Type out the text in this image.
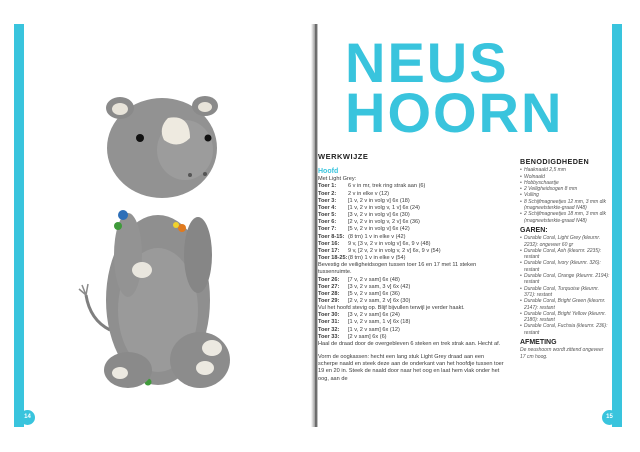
NEUS
HOORN
WERKWIJZE
Hoofd
Met Light Grey:
Toer 1:	6 v in mr, trek ring strak aan (6)
Toer 2:	2 v in elke v (12)
Toer 3:	[1 v, 2 v in volg v] 6x (18)
Toer 4:	[1 v, 2 v in volg v, 1 v] 6x (24)
Toer 5:	[3 v, 2 v in volg v] 6x (30)
Toer 6:	[2 v, 2 v in volg v, 2 v] 6x (36)
Toer 7:	[5 v, 2 v in volg v] 6x (42)
Toer 8-15: (8 trn) 1 v in elke v (42)
Toer 16:	9 v, [3 v, 2 v in volg v] 6x, 9 v (48)
Toer 17:	9 v, [2 v, 2 v in volg v, 2 v] 6x, 9 v (54)
Toer 18-25: (8 trn) 1 v in elke v (54)
Bevestig de veiligheidsogen tussen toer 16 en 17 met 11 steken tussenruimte.
Toer 26:	[7 v, 2 v sam] 6x (48)
Toer 27:	[3 v, 2 v sam, 3 v] 6x (42)
Toer 28:	[5 v, 2 v sam] 6x (36)
Toer 29:	[2 v, 2 v sam, 2 v] 6x (30)
Vul het hoofd stevig op. Blijf bijvullen terwijl je verder haakt.
Toer 30:	[3 v, 2 v sam] 6x (24)
Toer 31:	[1 v, 2 v sam, 1 v] 6x (18)
Toer 32:	[1 v, 2 v sam] 6x (12)
Toer 33:	[2 v sam] 6x (6)
Haal de draad door de overgebleven 6 steken en trek strak aan. Hecht af.
Vorm de oogkassen: hecht een lang stuk Light Grey draad aan een scherpe naald en steek deze aan de onderkant van het hoofdje tussen toer 19 en 20 in. Steek de naald door naar het oog en laat hem vlak onder het oog, aan de
BENODIGDHEDEN
• Haaknaald 2,5 mm
• Wolnaald
• Hobbyschaartje
• 2 Veiligheidsogen 8 mm
• Vulling
• 8 Schijfmagneetjes 12 mm, 3 mm dik (magneetsterkte-graad N48)
• 2 Schijfmagneetjes 18 mm, 3 mm dik (magneetsterkte-graad N48)
GAREN:
• Durable Coral, Light Grey (kleurnr. 2232): ongeveer 60 gr
• Durable Coral, Ash (kleurnr. 2235): restant
• Durable Coral, Ivory (kleurnr. 326): restant
• Durable Coral, Orange (kleurnr. 2194): restant
• Durable Coral, Turquoise (kleurnr. 371): restant
• Durable Coral, Bright Green (kleurnr. 2147): restant
• Durable Coral, Bright Yellow (kleurnr. 2180): restant
• Durable Coral, Fuchsia (kleurnr. 236): restant
AFMETING
De neushoorn wordt zittend ongeveer 17 cm hoog.
14	15
